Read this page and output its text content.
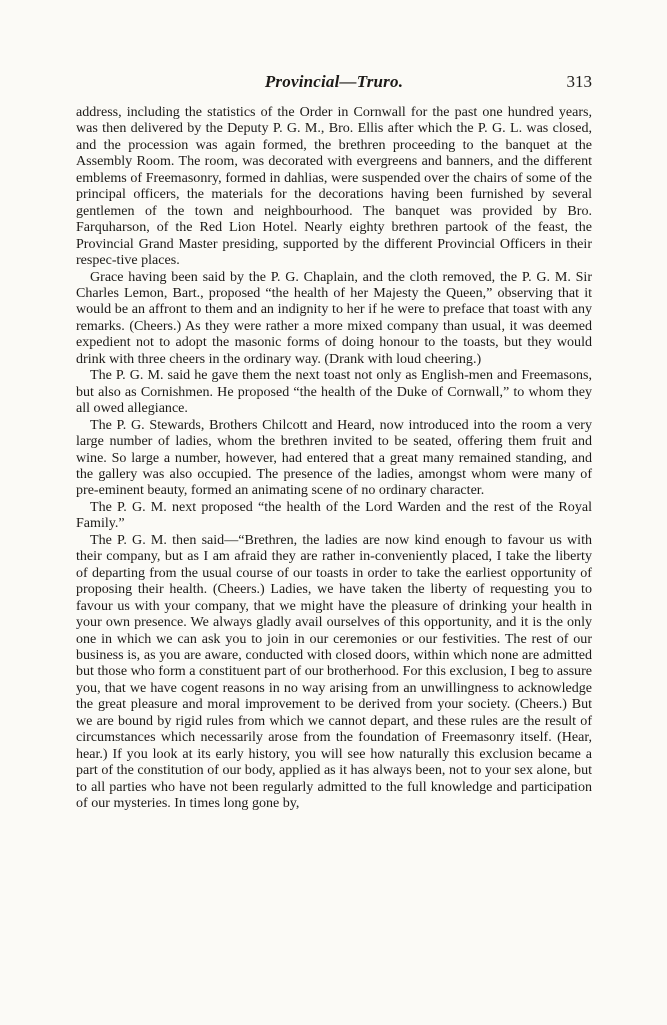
Provincial—Truro.	313

address, including the statistics of the Order in Cornwall for the past one hundred years, was then delivered by the Deputy P. G. M., Bro. Ellis after which the P. G. L. was closed, and the procession was again formed, the brethren proceeding to the banquet at the Assembly Room. The room, was decorated with evergreens and banners, and the different emblems of Freemasonry, formed in dahlias, were suspended over the chairs of some of the principal officers, the materials for the decorations having been furnished by several gentlemen of the town and neighbourhood. The banquet was provided by Bro. Farquharson, of the Red Lion Hotel. Nearly eighty brethren partook of the feast, the Provincial Grand Master presiding, supported by the different Provincial Officers in their respec-tive places.

Grace having been said by the P. G. Chaplain, and the cloth removed, the P. G. M. Sir Charles Lemon, Bart., proposed “the health of her Majesty the Queen,” observing that it would be an affront to them and an indignity to her if he were to preface that toast with any remarks. (Cheers.) As they were rather a more mixed company than usual, it was deemed expedient not to adopt the masonic forms of doing honour to the toasts, but they would drink with three cheers in the ordinary way. (Drank with loud cheering.)

The P. G. M. said he gave them the next toast not only as English-men and Freemasons, but also as Cornishmen. He proposed “the health of the Duke of Cornwall,” to whom they all owed allegiance.

The P. G. Stewards, Brothers Chilcott and Heard, now introduced into the room a very large number of ladies, whom the brethren invited to be seated, offering them fruit and wine. So large a number, however, had entered that a great many remained standing, and the gallery was also occupied. The presence of the ladies, amongst whom were many of pre-eminent beauty, formed an animating scene of no ordinary character.

The P. G. M. next proposed “the health of the Lord Warden and the rest of the Royal Family.”

The P. G. M. then said—“Brethren, the ladies are now kind enough to favour us with their company, but as I am afraid they are rather in-conveniently placed, I take the liberty of departing from the usual course of our toasts in order to take the earliest opportunity of proposing their health. (Cheers.) Ladies, we have taken the liberty of requesting you to favour us with your company, that we might have the pleasure of drinking your health in your own presence. We always gladly avail ourselves of this opportunity, and it is the only one in which we can ask you to join in our ceremonies or our festivities. The rest of our business is, as you are aware, conducted with closed doors, within which none are admitted but those who form a constituent part of our brotherhood. For this exclusion, I beg to assure you, that we have cogent reasons in no way arising from an unwillingness to acknowledge the great pleasure and moral improvement to be derived from your society. (Cheers.) But we are bound by rigid rules from which we cannot depart, and these rules are the result of circumstances which necessarily arose from the foundation of Freemasonry itself. (Hear, hear.) If you look at its early history, you will see how naturally this exclusion became a part of the constitution of our body, applied as it has always been, not to your sex alone, but to all parties who have not been regularly admitted to the full knowledge and participation of our mysteries. In times long gone by,
